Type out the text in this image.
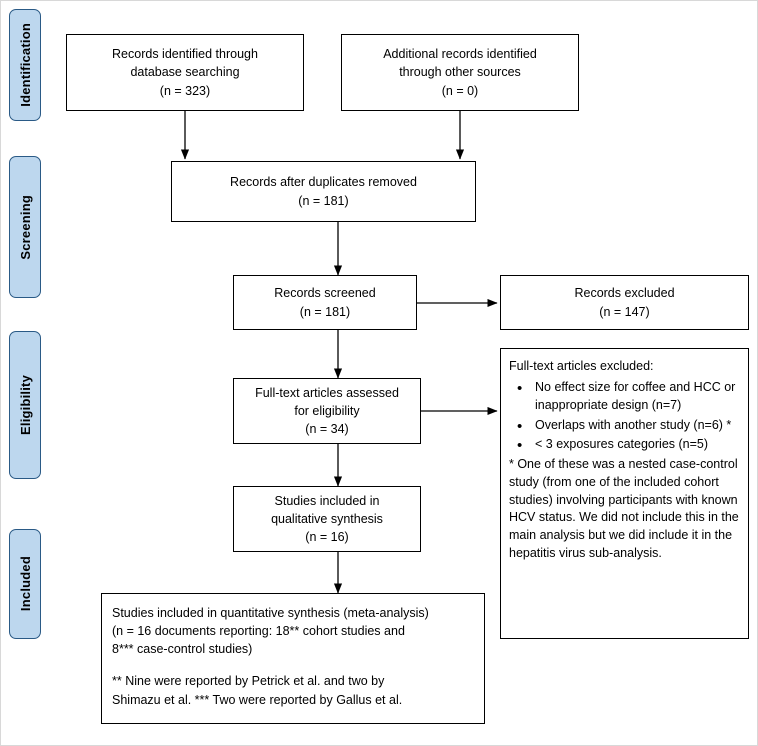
Identification
Screening
Eligibility
Included
Records identified through
database searching
(n = 323)
Additional records identified
through other sources
(n = 0)
Records after duplicates removed
(n = 181)
Records screened
(n = 181)
Records excluded
(n = 147)
Full-text articles assessed
for eligibility
(n = 34)
Full-text articles excluded:
• No effect size for coffee and HCC or inappropriate design (n=7)
• Overlaps with another study (n=6) *
• < 3 exposures categories (n=5)
* One of these was a nested case-control study (from one of the included cohort studies) involving participants with known HCV status. We did not include this in the main analysis but we did include it in the hepatitis virus sub-analysis.
Studies included in
qualitative synthesis
(n = 16)
Studies included in quantitative synthesis (meta-analysis)
(n = 16 documents reporting: 18** cohort studies and
8*** case-control studies)
** Nine were reported by Petrick et al. and two by
Shimazu et al. *** Two were reported by Gallus et al.
